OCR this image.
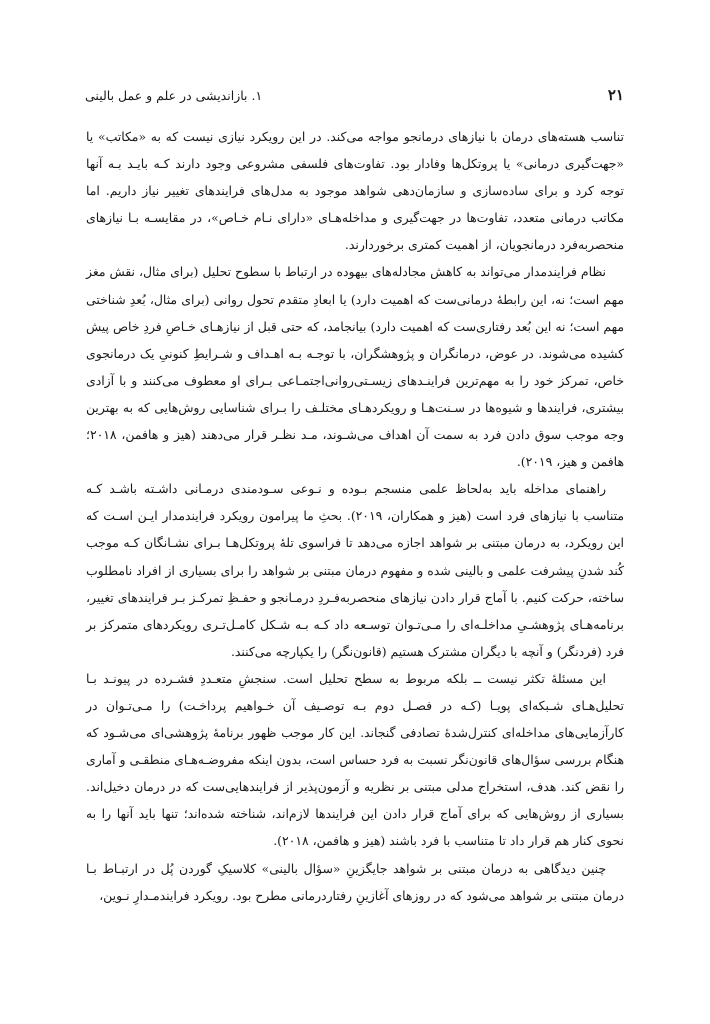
۲۱
۱. بازاندیشی در علم و عمل بالینی

تناسب هسته‌های درمان با نیازهای درمانجو مواجه می‌کند. در این رویکرد نیازی نیست که به «مکاتب» یا «جهت‌گیری درمانی» یا پروتکل‌ها وفادار بود. تفاوت‌های فلسفی مشروعی وجود دارند کـه بایـد بـه آنها توجه کرد و برای ساده‌سازی و سازمان‌دهی شواهد موجود به مدل‌های فرایندهای تغییر نیاز داریم. اما مکاتب درمانی متعدد، تفاوت‌ها در جهت‌گیری و مداخله‌هـای «دارای نـام خـاص»، در مقایسـه بـا نیازهای منحصربه‌فرد درمانجویان، از اهمیت کمتری برخوردارند.

نظام فرایندمدار می‌تواند به کاهش مجادله‌های بیهوده در ارتباط با سطوح تحلیل (برای مثال، نقش مغز مهم است؛ نه، این رابطهٔ درمانی‌ست که اهمیت دارد) یا ابعادِ متقدم تحول روانی (برای مثال، بُعدِ شناختی مهم است؛ نه این بُعد رفتاری‌ست که اهمیت دارد) بیانجامد، که حتی قبل از نیازهـای خـاصِ فردِ خاص پیش کشیده می‌شوند. در عوض، درمانگران و پژوهشگران، با توجـه بـه اهـداف و شـرایطِ کنونیِ یک درمانجوی خاص، تمرکز خود را به مهم‌ترین فراینـدهای زیسـتی‌روانی‌اجتمـاعی بـرای او معطوف می‌کنند و با آزادی بیشتری، فرایندها و شیوه‌ها در سـنت‌هـا و رویکردهـای مختلـف را بـرای شناسایی روش‌هایی که به بهترین وجه موجب سوق دادن فرد به سمت آن اهداف می‌شـوند، مـد نظـر قرار می‌دهند (هیز و هافمن، ۲۰۱۸؛ هافمن و هیز، ۲۰۱۹).

راهنمای مداخله باید به‌لحاظ علمی منسجم بـوده و نـوعی سـودمندی درمـانی داشـته باشـد کـه متناسب با نیازهای فرد است (هیز و همکاران، ۲۰۱۹). بحثِ ما پیرامون رویکرد فرایندمدار ایـن اسـت که این رویکرد، به درمان مبتنی بر شواهد اجازه می‌دهد تا فراسوی تلهٔ پروتکل‌هـا بـرای نشـانگان کـه موجب کُند شدنِ پیشرفت علمی و بالینی شده و مفهوم درمان مبتنی بر شواهد را برای بسیاری از افراد نامطلوب ساخته، حرکت کنیم. با آماج قرار دادن نیازهای منحصربه‌فـردِ درمـانجو و حفـظِ تمرکـز بـر فرایندهای تغییر، برنامه‌هـای پژوهشـیِ مداخلـه‌ای را مـی‌تـوان توسـعه داد کـه بـه شـکل کامـل‌تـری رویکردهای متمرکز بر فرد (فردنگر) و آنچه با دیگران مشترک هستیم (قانون‌نگر) را یکپارچه می‌کنند.

این مسئلهٔ تکثر نیست ــ بلکه مربوط به سطح تحلیل است. سنجشِ متعـددِ فشـرده در پیونـد بـا تحلیل‌هـای شـبکه‌ای پویـا (کـه در فصـل دوم بـه توصـیف آن خـواهیم پرداخـت) را مـی‌تـوان در کارآزمایی‌های مداخله‌ای کنترل‌شدهٔ تصادفی گنجاند. این کار موجب ظهور برنامهٔ پژوهشی‌ای می‌شـود که هنگام بررسی سؤال‌های قانون‌نگر نسبت به فرد حساس است، بدون اینکه مفروضـه‌هـای منطقـی و آماری را نقض کند. هدف، استخراج مدلی مبتنی بر نظریه و آزمون‌پذیر از فرایندهایی‌ست که در درمان دخیل‌اند. بسیاری از روش‌هایی که برای آماج قرار دادن این فرایندها لازم‌اند، شناخته شده‌اند؛ تنها باید آنها را به نحوی کنار هم قرار داد تا متناسب با فرد باشند (هیز و هافمن، ۲۰۱۸).

چنین دیدگاهی به درمان مبتنی بر شواهد جایگزینِ «سؤال بالینی» کلاسیکِ گوردن پُل در ارتبـاط بـا درمان مبتنی بر شواهد می‌شود که در روزهای آغازینِ رفتاردرمانی مطرح بود. رویکرد فرایندمـدارِ نـوین،
